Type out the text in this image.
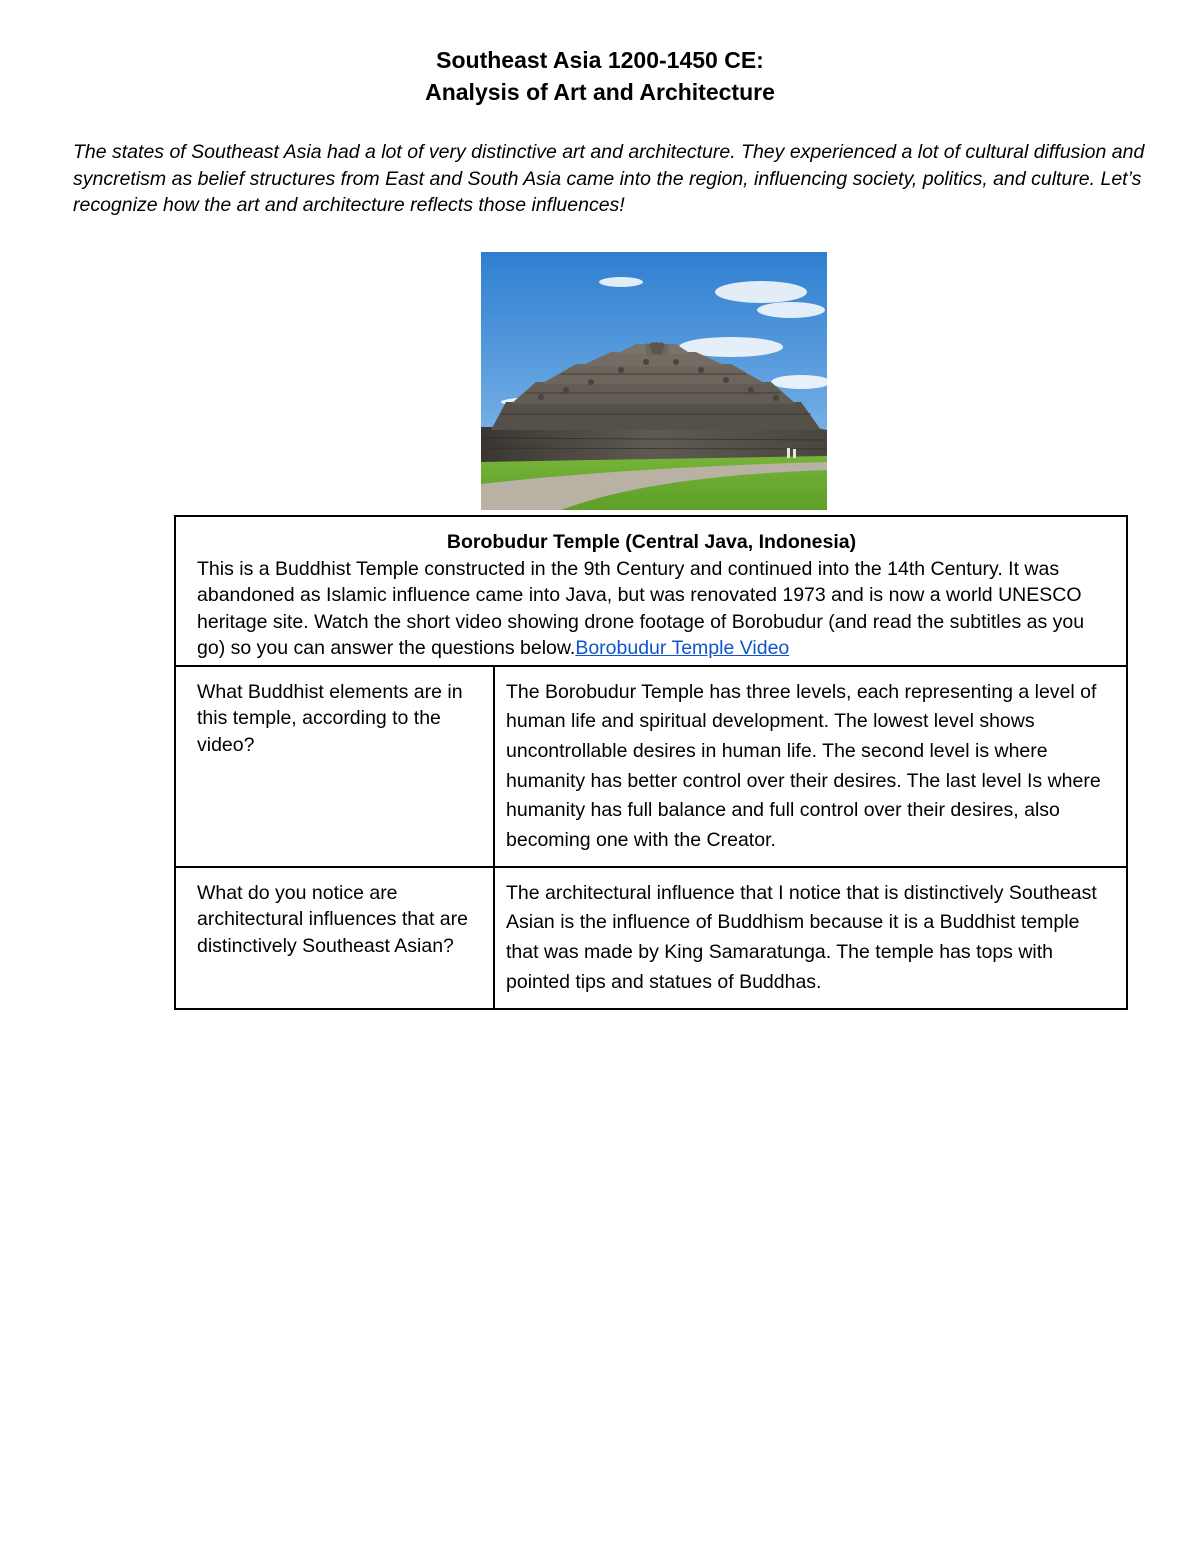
Southeast Asia 1200-1450 CE:
Analysis of Art and Architecture
The states of Southeast Asia had a lot of very distinctive art and architecture. They experienced a lot of cultural diffusion and syncretism as belief structures from East and South Asia came into the region, influencing society, politics, and culture. Let’s recognize how the art and architecture reflects those influences!
Borobudur Temple (Central Java, Indonesia)
This is a Buddhist Temple constructed in the 9th Century and continued into the 14th Century. It was abandoned as Islamic influence came into Java, but was renovated 1973 and is now a world UNESCO heritage site. Watch the short video showing drone footage of Borobudur (and read the subtitles as you go) so you can answer the questions below.Borobudur Temple Video	

What Buddhist elements are in this temple, according to the video?	The Borobudur Temple has three levels, each representing a level of human life and spiritual development. The lowest level shows uncontrollable desires in human life. The second level is where humanity has better control over their desires. The last level Is where humanity has full balance and full control over their desires, also becoming one with the Creator.
What do you notice are architectural influences that are distinctively Southeast Asian?	The architectural influence that I notice that is distinctively Southeast Asian is the influence of Buddhism because it is a Buddhist temple that was made by King Samaratunga. The temple has tops with pointed tips and statues of Buddhas.
